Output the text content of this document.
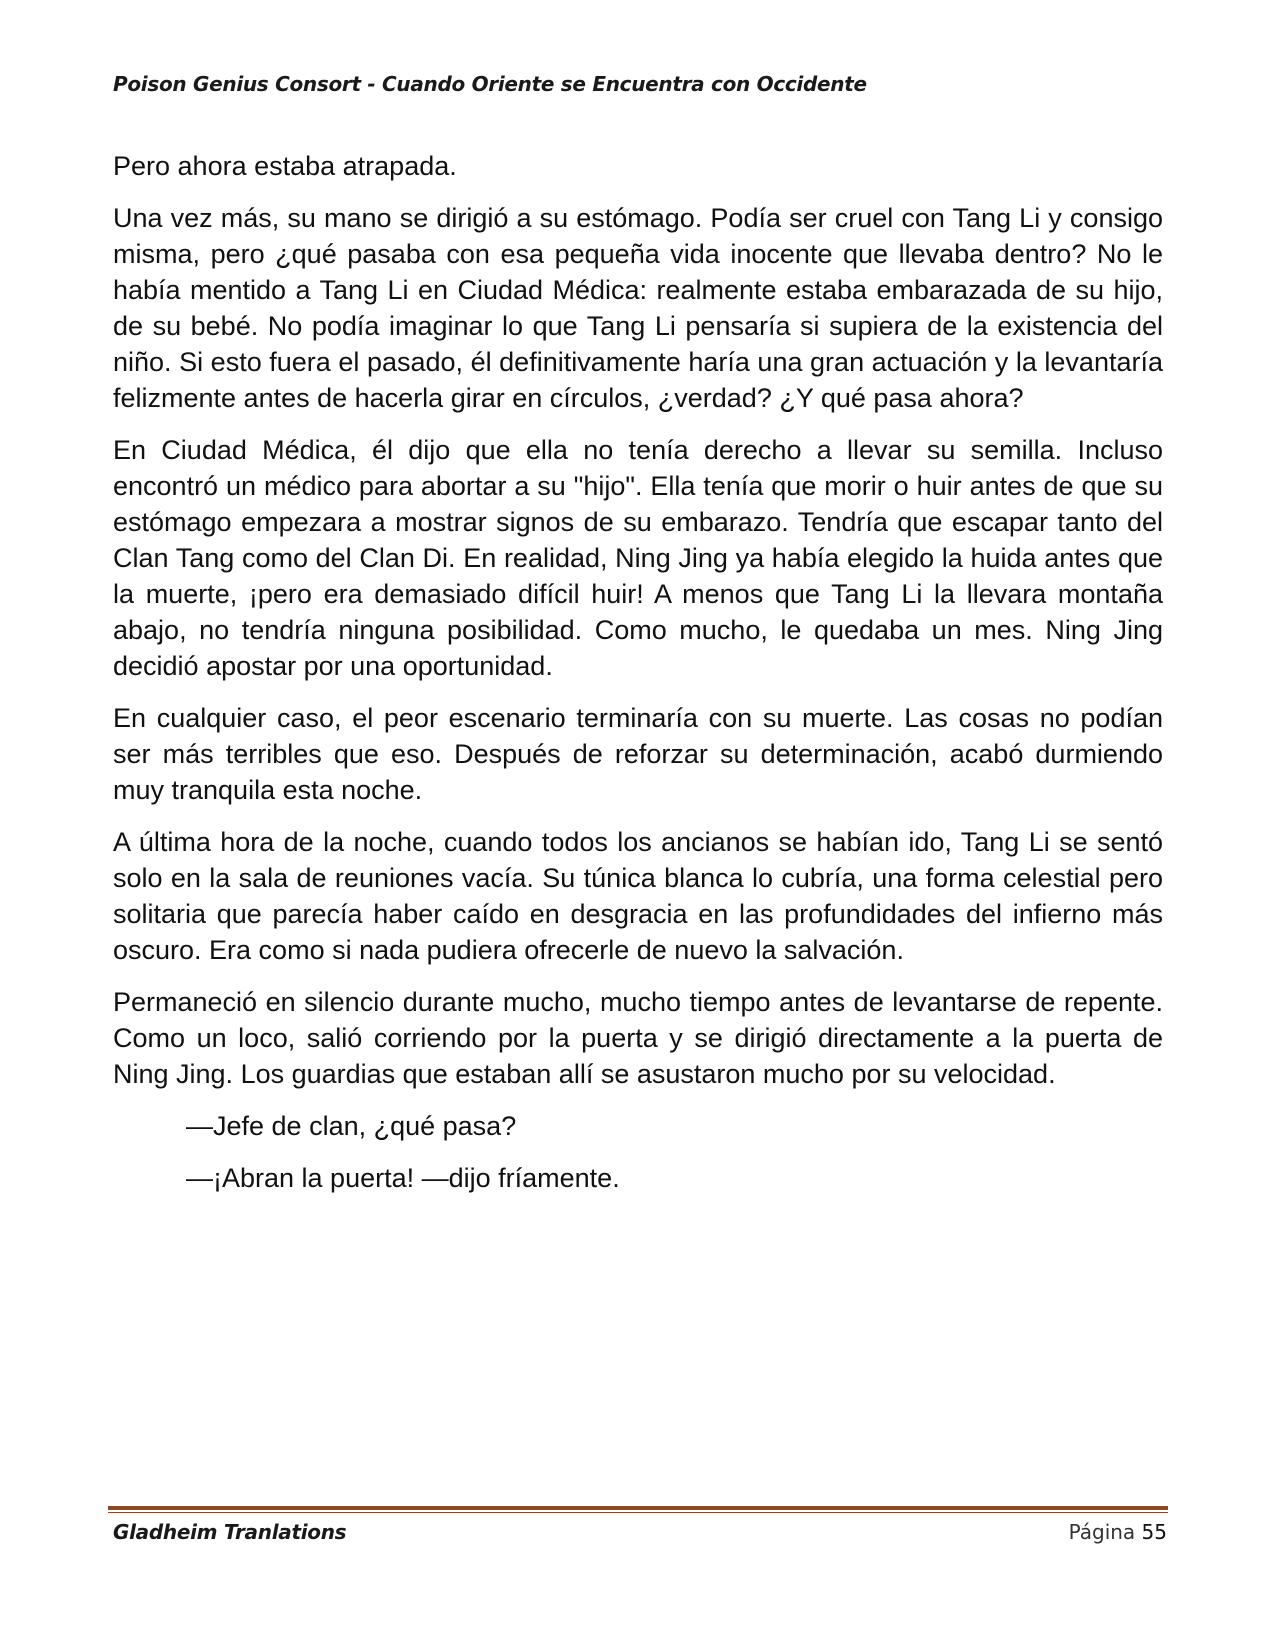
Poison Genius Consort - Cuando Oriente se Encuentra con Occidente

Pero ahora estaba atrapada.

Una vez más, su mano se dirigió a su estómago. Podía ser cruel con Tang Li y consigo misma, pero ¿qué pasaba con esa pequeña vida inocente que llevaba dentro? No le había mentido a Tang Li en Ciudad Médica: realmente estaba embarazada de su hijo, de su bebé. No podía imaginar lo que Tang Li pensaría si supiera de la existencia del niño. Si esto fuera el pasado, él definitivamente haría una gran actuación y la levantaría felizmente antes de hacerla girar en círculos, ¿verdad? ¿Y qué pasa ahora?

En Ciudad Médica, él dijo que ella no tenía derecho a llevar su semilla. Incluso encontró un médico para abortar a su "hijo". Ella tenía que morir o huir antes de que su estómago empezara a mostrar signos de su embarazo. Tendría que escapar tanto del Clan Tang como del Clan Di. En realidad, Ning Jing ya había elegido la huida antes que la muerte, ¡pero era demasiado difícil huir! A menos que Tang Li la llevara montaña abajo, no tendría ninguna posibilidad. Como mucho, le quedaba un mes. Ning Jing decidió apostar por una oportunidad.

En cualquier caso, el peor escenario terminaría con su muerte. Las cosas no podían ser más terribles que eso. Después de reforzar su determinación, acabó durmiendo muy tranquila esta noche.

A última hora de la noche, cuando todos los ancianos se habían ido, Tang Li se sentó solo en la sala de reuniones vacía. Su túnica blanca lo cubría, una forma celestial pero solitaria que parecía haber caído en desgracia en las profundidades del infierno más oscuro. Era como si nada pudiera ofrecerle de nuevo la salvación.

Permaneció en silencio durante mucho, mucho tiempo antes de levantarse de repente. Como un loco, salió corriendo por la puerta y se dirigió directamente a la puerta de Ning Jing. Los guardias que estaban allí se asustaron mucho por su velocidad.

—Jefe de clan, ¿qué pasa?

—¡Abran la puerta! —dijo fríamente.

Gladheim Tranlations	Página 55
